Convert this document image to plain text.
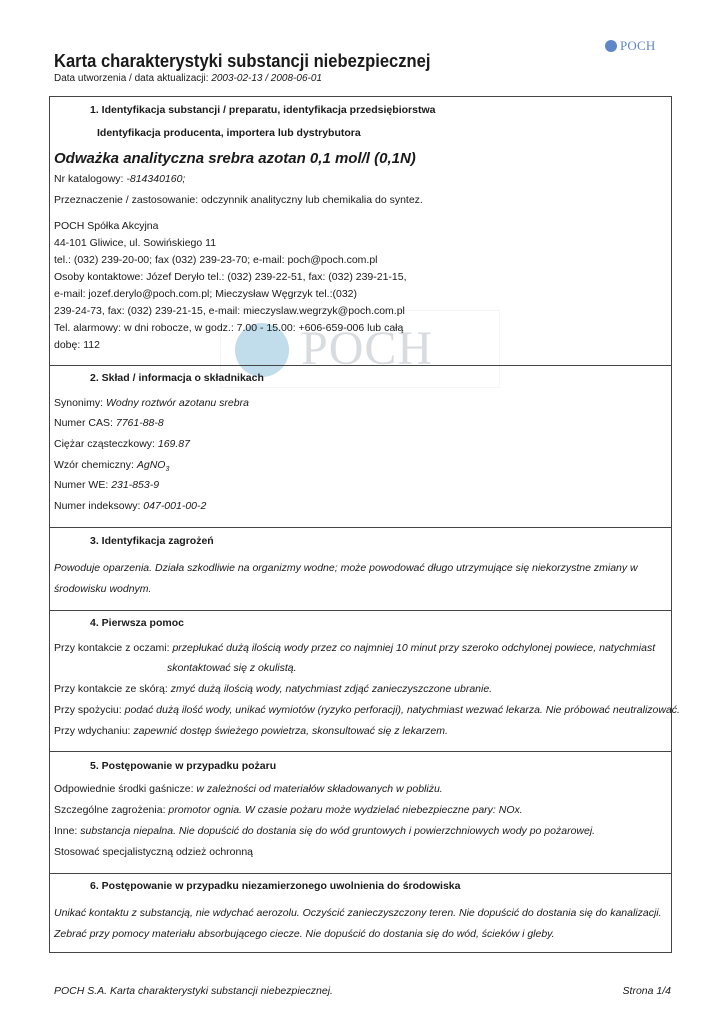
POCH
Karta charakterystyki substancji niebezpiecznej
Data utworzenia / data aktualizacji: 2003-02-13 / 2008-06-01
POCH
1. Identyfikacja substancji / preparatu, identyfikacja przedsiębiorstwa
Identyfikacja producenta, importera lub dystrybutora
Odważka analityczna srebra azotan 0,1 mol/l (0,1N)
Nr katalogowy: -814340160;
Przeznaczenie / zastosowanie: odczynnik analityczny lub chemikalia do syntez.
POCH Spółka Akcyjna
44-101 Gliwice, ul. Sowińskiego 11
tel.: (032) 239-20-00; fax (032) 239-23-70; e-mail: poch@poch.com.pl
Osoby kontaktowe: Józef Deryło tel.: (032) 239-22-51, fax: (032) 239-21-15,
e-mail: jozef.derylo@poch.com.pl; Mieczysław Węgrzyk tel.:(032)
239-24-73, fax: (032) 239-21-15, e-mail: mieczyslaw.wegrzyk@poch.com.pl
Tel. alarmowy: w dni robocze, w godz.: 7.00 - 15.00: +606-659-006 lub całą
dobę: 112
2. Skład / informacja o składnikach
Synonimy: Wodny roztwór azotanu srebra
Numer CAS: 7761-88-8
Ciężar cząsteczkowy: 169.87
Wzór chemiczny: AgNO$_3$
Numer WE: 231-853-9
Numer indeksowy: 047-001-00-2
3. Identyfikacja zagrożeń
Powoduje oparzenia. Działa szkodliwie na organizmy wodne; może powodować długo utrzymujące się niekorzystne zmiany w
środowisku wodnym.
4. Pierwsza pomoc
Przy kontakcie z oczami: przepłukać dużą ilością wody przez co najmniej 10 minut przy szeroko odchylonej powiece, natychmiast
skontaktować się z okulistą.
Przy kontakcie ze skórą: zmyć dużą ilością wody, natychmiast zdjąć zanieczyszczone ubranie.
Przy spożyciu: podać dużą ilość wody, unikać wymiotów (ryzyko perforacji), natychmiast wezwać lekarza. Nie próbować neutralizować.
Przy wdychaniu: zapewnić dostęp świeżego powietrza, skonsultować się z lekarzem.
5. Postępowanie w przypadku pożaru
Odpowiednie środki gaśnicze: w zależności od materiałów składowanych w pobliżu.
Szczególne zagrożenia: promotor ognia. W czasie pożaru może wydzielać niebezpieczne pary: NOx.
Inne: substancja niepalna. Nie dopuścić do dostania się do wód gruntowych i powierzchniowych wody po pożarowej.
Stosować specjalistyczną odzież ochronną
6. Postępowanie w przypadku niezamierzonego uwolnienia do środowiska
Unikać kontaktu z substancją, nie wdychać aerozolu. Oczyścić zanieczyszczony teren. Nie dopuścić do dostania się do kanalizacji.
Zebrać przy pomocy materiału absorbującego ciecze. Nie dopuścić do dostania się do wód, ścieków i gleby.
POCH S.A. Karta charakterystyki substancji niebezpiecznej.	Strona 1/4
